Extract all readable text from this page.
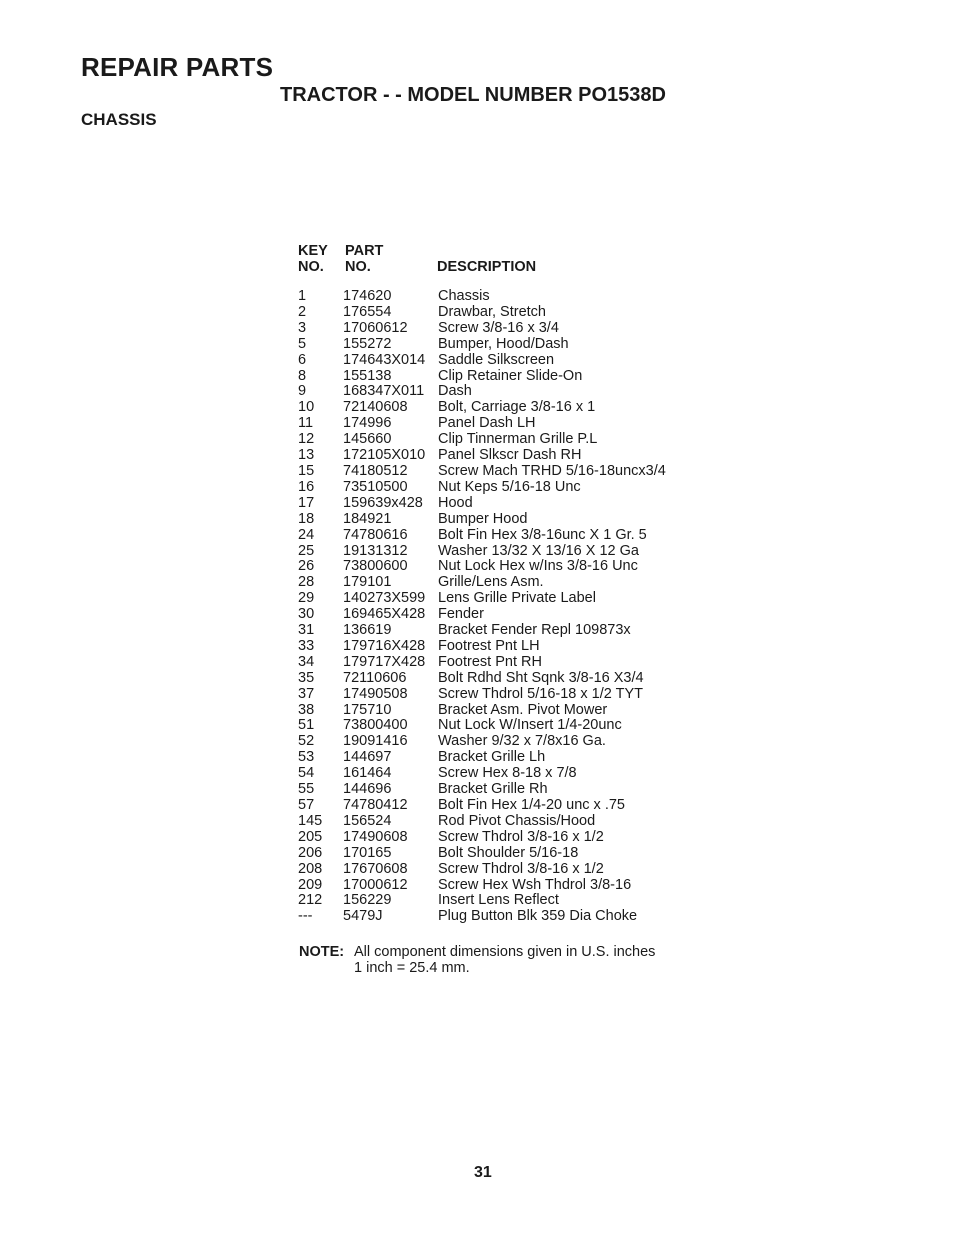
REPAIR PARTS
TRACTOR - - MODEL NUMBER PO1538D
CHASSIS
KEY
NO.
PART
NO.	DESCRIPTION
1	174620	Chassis
2	176554	Drawbar, Stretch
3	17060612 Screw 3/8-16 x 3/4
5	155272	Bumper, Hood/Dash
6	174643X014 Saddle Silkscreen
8	155138	Clip Retainer Slide-On
9	168347X011 Dash
10 72140608 Bolt, Carriage 3/8-16 x 1
11 174996	Panel Dash LH
12 145660	Clip Tinnerman Grille P.L
13 172105X010 Panel Slkscr Dash RH
15 74180512 Screw Mach TRHD 5/16-18uncx3/4
16 73510500 Nut Keps 5/16-18 Unc
17 159639x428 Hood
18 184921	Bumper Hood
24 74780616 Bolt Fin Hex 3/8-16unc X 1 Gr. 5
25 19131312 Washer 13/32 X 13/16 X 12 Ga
26 73800600 Nut Lock Hex w/Ins 3/8-16 Unc
28 179101	Grille/Lens Asm.
29 140273X599 Lens Grille Private Label
30 169465X428 Fender
31 136619	Bracket Fender Repl 109873x
33 179716X428 Footrest Pnt LH
34 179717X428 Footrest Pnt RH
35 72110606 Bolt Rdhd Sht Sqnk 3/8-16 X3/4
37 17490508 Screw Thdrol 5/16-18 x 1/2 TYT
38 175710	Bracket Asm. Pivot Mower
51 73800400 Nut Lock W/Insert 1/4-20unc
52 19091416 Washer 9/32 x 7/8x16 Ga.
53 144697	Bracket Grille Lh
54 161464	Screw Hex 8-18 x 7/8
55 144696	Bracket Grille Rh
57 74780412 Bolt Fin Hex 1/4-20 unc x .75
145 156524	Rod Pivot Chassis/Hood
205 17490608 Screw Thdrol 3/8-16 x 1/2
206 170165	Bolt Shoulder 5/16-18
208 17670608 Screw Thdrol 3/8-16 x 1/2
209 17000612 Screw Hex Wsh Thdrol 3/8-16
212 156229	Insert Lens Reflect
--- 5479J	Plug Button Blk 359 Dia Choke
NOTE: All component dimensions given in U.S. inches
1 inch = 25.4 mm.
31
